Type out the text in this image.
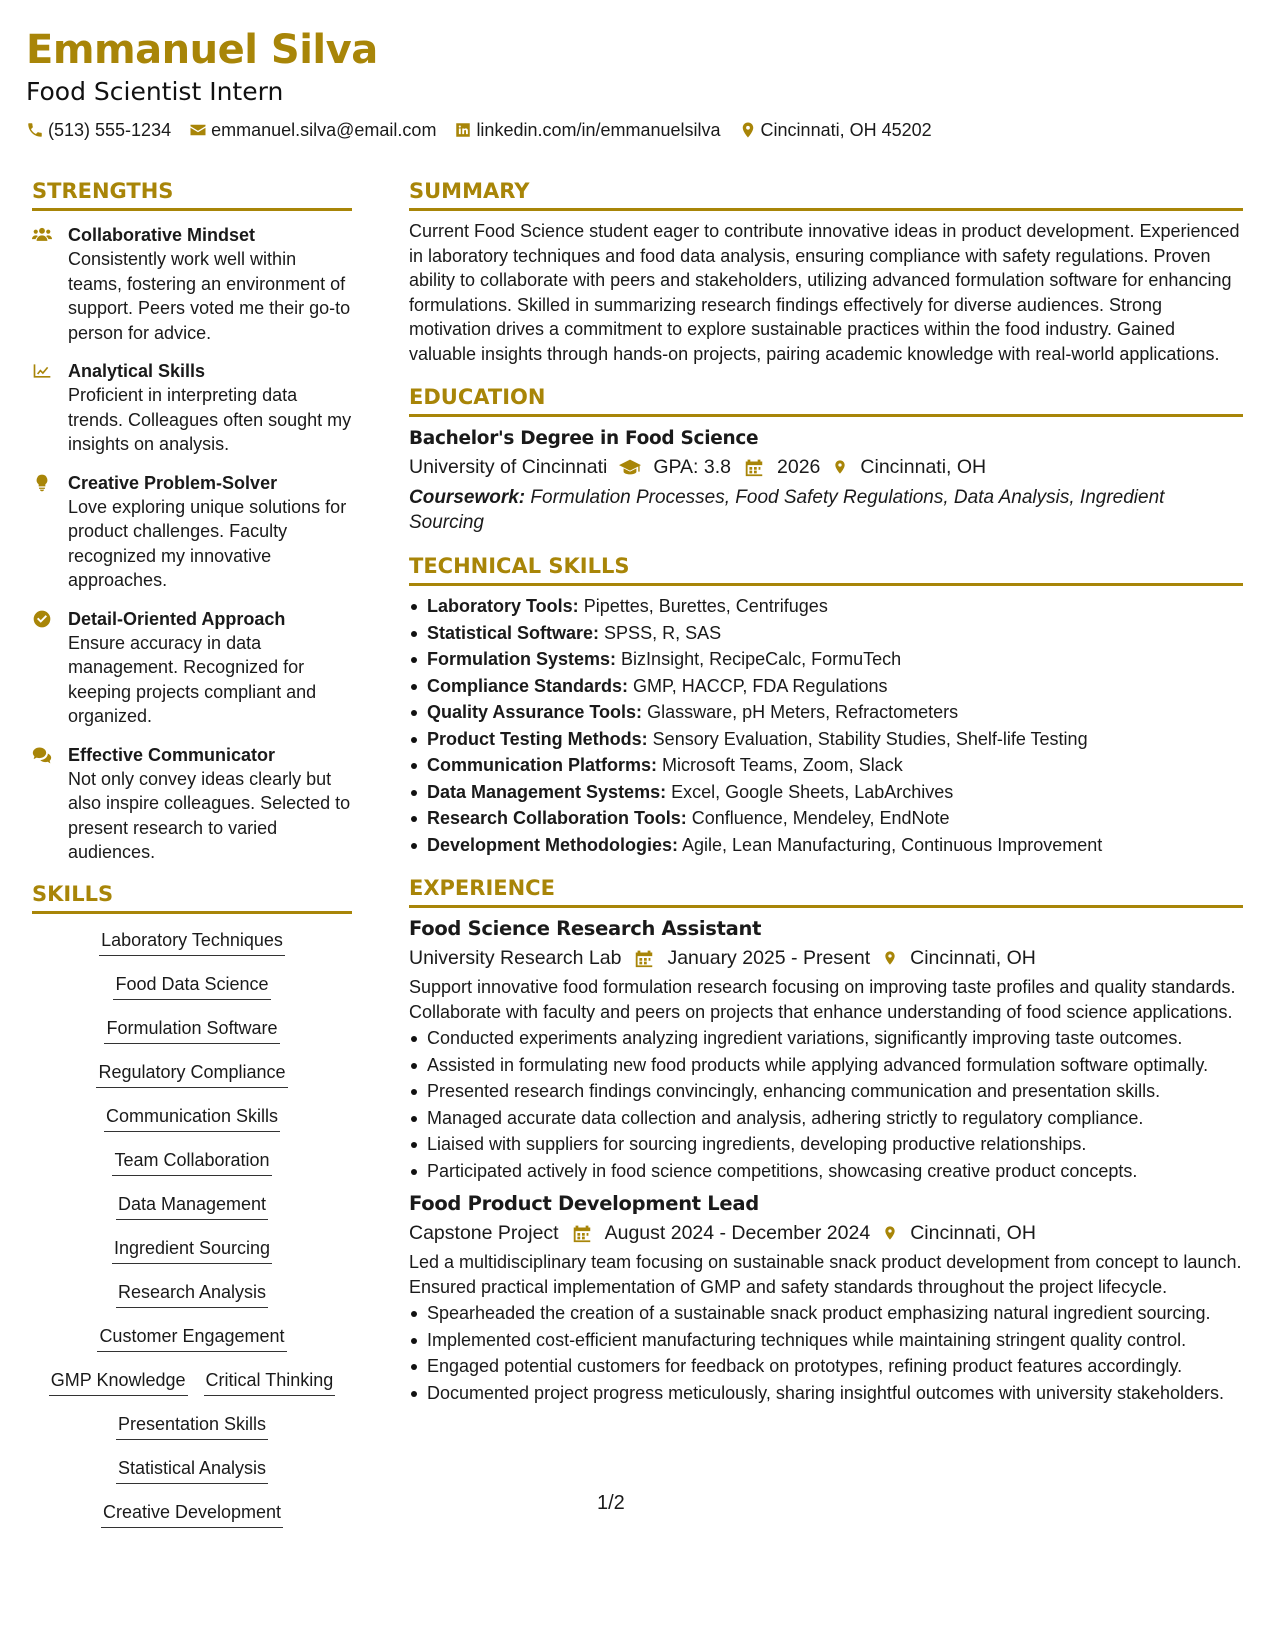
Emmanuel Silva
Food Scientist Intern
(513) 555-1234 emmanuel.silva@email.com linkedin.com/in/emmanuelsilva Cincinnati, OH 45202
STRENGTHS
Collaborative Mindset
Consistently work well within teams, fostering an environment of support. Peers voted me their go-to person for advice.
Analytical Skills
Proficient in interpreting data trends. Colleagues often sought my insights on analysis.
Creative Problem-Solver
Love exploring unique solutions for product challenges. Faculty recognized my innovative approaches.
Detail-Oriented Approach
Ensure accuracy in data management. Recognized for keeping projects compliant and organized.
Effective Communicator
Not only convey ideas clearly but also inspire colleagues. Selected to present research to varied audiences.
SKILLS
Laboratory Techniques
Food Data Science
Formulation Software
Regulatory Compliance
Communication Skills
Team Collaboration
Data Management
Ingredient Sourcing
Research Analysis
Customer Engagement
GMP Knowledge Critical Thinking
Presentation Skills
Statistical Analysis
Creative Development
SUMMARY
Current Food Science student eager to contribute innovative ideas in product development. Experienced in laboratory techniques and food data analysis, ensuring compliance with safety regulations. Proven ability to collaborate with peers and stakeholders, utilizing advanced formulation software for enhancing formulations. Skilled in summarizing research findings effectively for diverse audiences. Strong motivation drives a commitment to explore sustainable practices within the food industry. Gained valuable insights through hands-on projects, pairing academic knowledge with real-world applications.
EDUCATION
Bachelor's Degree in Food Science
University of Cincinnati GPA: 3.8 2026 Cincinnati, OH
Coursework: Formulation Processes, Food Safety Regulations, Data Analysis, Ingredient Sourcing
TECHNICAL SKILLS
Laboratory Tools: Pipettes, Burettes, Centrifuges
Statistical Software: SPSS, R, SAS
Formulation Systems: BizInsight, RecipeCalc, FormuTech
Compliance Standards: GMP, HACCP, FDA Regulations
Quality Assurance Tools: Glassware, pH Meters, Refractometers
Product Testing Methods: Sensory Evaluation, Stability Studies, Shelf-life Testing
Communication Platforms: Microsoft Teams, Zoom, Slack
Data Management Systems: Excel, Google Sheets, LabArchives
Research Collaboration Tools: Confluence, Mendeley, EndNote
Development Methodologies: Agile, Lean Manufacturing, Continuous Improvement
EXPERIENCE
Food Science Research Assistant
University Research Lab January 2025 - Present Cincinnati, OH
Support innovative food formulation research focusing on improving taste profiles and quality standards. Collaborate with faculty and peers on projects that enhance understanding of food science applications.
Conducted experiments analyzing ingredient variations, significantly improving taste outcomes.
Assisted in formulating new food products while applying advanced formulation software optimally.
Presented research findings convincingly, enhancing communication and presentation skills.
Managed accurate data collection and analysis, adhering strictly to regulatory compliance.
Liaised with suppliers for sourcing ingredients, developing productive relationships.
Participated actively in food science competitions, showcasing creative product concepts.
Food Product Development Lead
Capstone Project August 2024 - December 2024 Cincinnati, OH
Led a multidisciplinary team focusing on sustainable snack product development from concept to launch. Ensured practical implementation of GMP and safety standards throughout the project lifecycle.
Spearheaded the creation of a sustainable snack product emphasizing natural ingredient sourcing.
Implemented cost-efficient manufacturing techniques while maintaining stringent quality control.
Engaged potential customers for feedback on prototypes, refining product features accordingly.
Documented project progress meticulously, sharing insightful outcomes with university stakeholders.
1/2
